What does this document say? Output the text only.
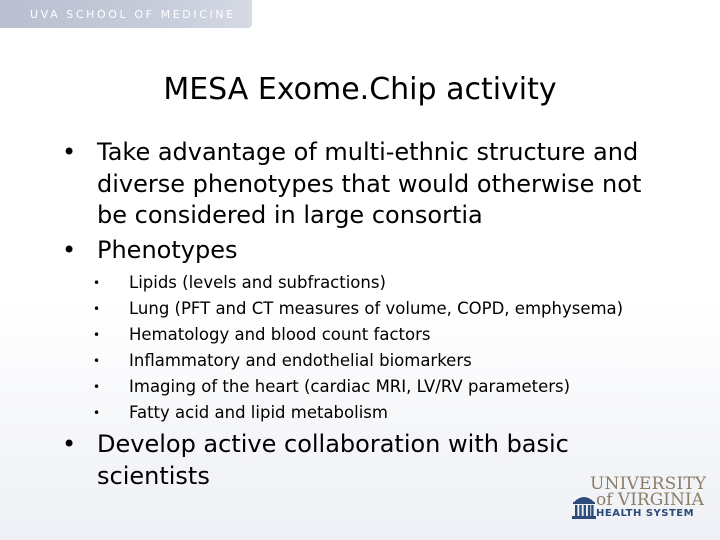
UVA SCHOOL OF MEDICINE
MESA Exome.Chip activity
• Take advantage of multi-ethnic structure and
diverse phenotypes that would otherwise not
be considered in large consortia
• Phenotypes
• Lipids (levels and subfractions)
• Lung (PFT and CT measures of volume, COPD, emphysema)
• Hematology and blood count factors
• Inflammatory and endothelial biomarkers
• Imaging of the heart (cardiac MRI, LV/RV parameters)
• Fatty acid and lipid metabolism
• Develop active collaboration with basic
scientists	UNIVERSITY
of VIRGINIA
HEALTH SYSTEM
